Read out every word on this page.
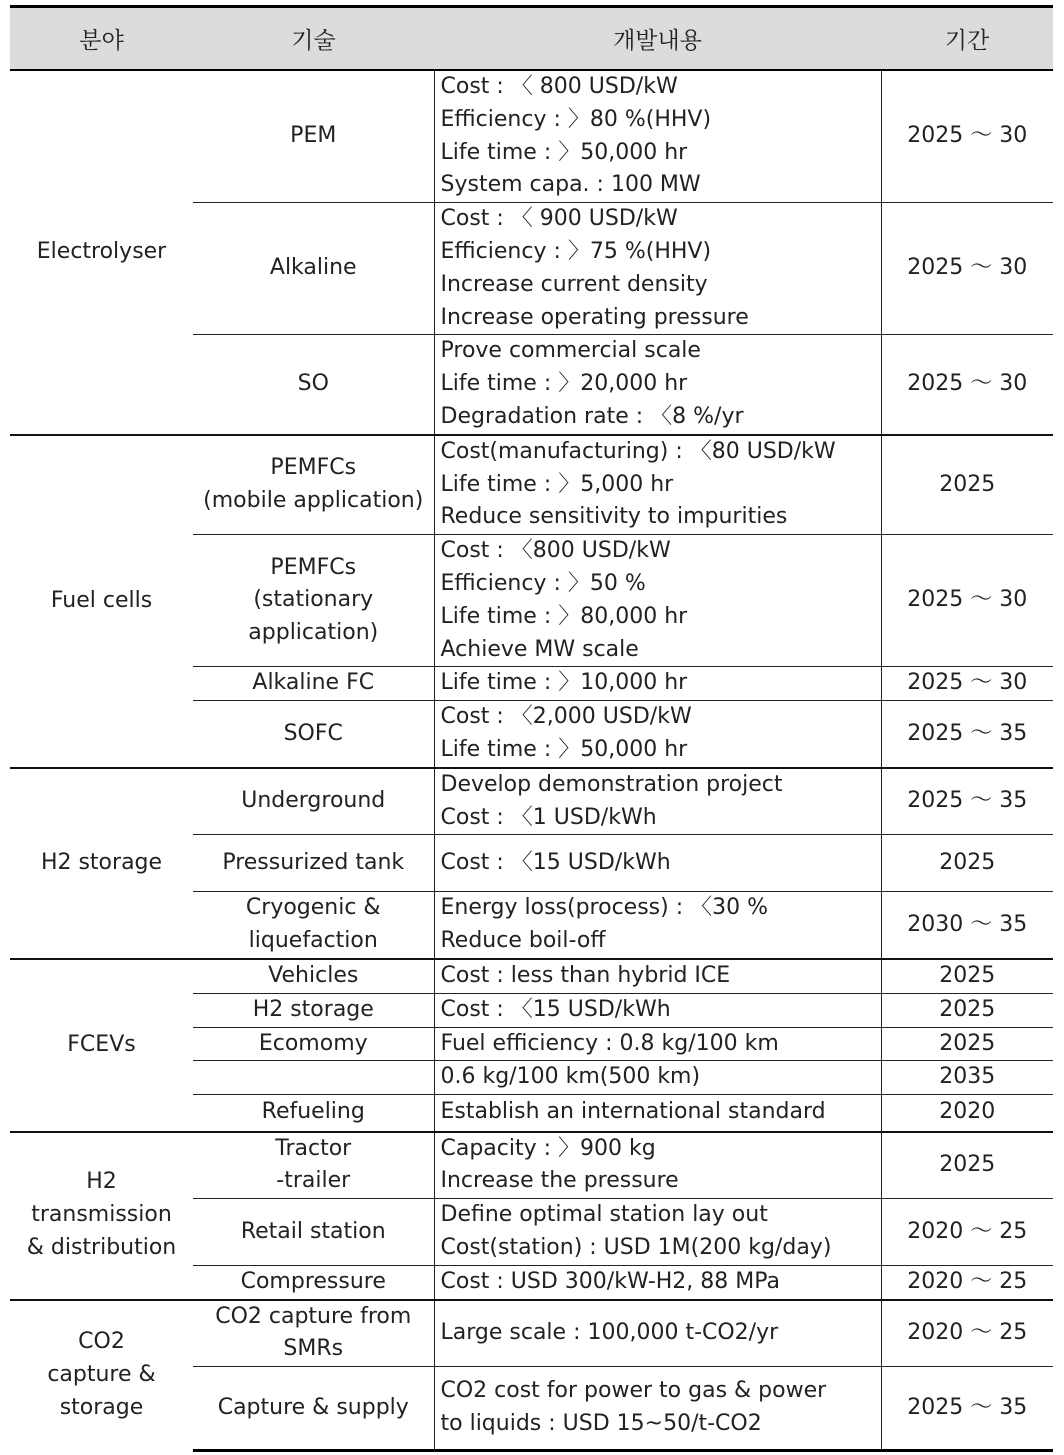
분야	기술	개발내용	기간

Electrolyser	PEM	Cost : 〈 800 USD/kW
Efficiency : 〉80 %(HHV)
Life time : 〉50,000 hr
System capa. : 100 MW	2025 ～ 30

	Alkaline	Cost : 〈 900 USD/kW
Efficiency : 〉75 %(HHV)
Increase current density
Increase operating pressure	2025 ～ 30

	SO	Prove commercial scale
Life time : 〉20,000 hr
Degradation rate : 〈8 %/yr	2025 ～ 30

Fuel cells	PEMFCs
(mobile application)	Cost(manufacturing) : 〈80 USD/kW
Life time : 〉5,000 hr
Reduce sensitivity to impurities	2025

	PEMFCs
(stationary
application)	Cost : 〈800 USD/kW
Efficiency : 〉50 %
Life time : 〉80,000 hr
Achieve MW scale	2025 ～ 30

	Alkaline FC	Life time : 〉10,000 hr	2025 ～ 30

	SOFC	Cost : 〈2,000 USD/kW
Life time : 〉50,000 hr	2025 ～ 35

H2 storage	Underground	Develop demonstration project
Cost : 〈1 USD/kWh	2025 ～ 35

	Pressurized tank	Cost : 〈15 USD/kWh	2025

	Cryogenic &
liquefaction	Energy loss(process) : 〈30 %
Reduce boil-off	2030 ～ 35

FCEVs	Vehicles	Cost : less than hybrid ICE	2025

	H2 storage	Cost : 〈15 USD/kWh	2025

	Ecomomy	Fuel efficiency : 0.8 kg/100 km	2025

		0.6 kg/100 km(500 km)	2035

	Refueling	Establish an international standard	2020

H2
transmission
& distribution	Tractor
-trailer	Capacity : 〉900 kg
Increase the pressure	2025

	Retail station	Define optimal station lay out
Cost(station) : USD 1M(200 kg/day)	2020 ～ 25

	Compressure	Cost : USD 300/kW-H2, 88 MPa	2020 ～ 25

CO2
capture &
storage	CO2 capture from
SMRs	Large scale : 100,000 t-CO2/yr	2020 ～ 25

	Capture & supply	CO2 cost for power to gas & power
to liquids : USD 15~50/t-CO2	2025 ～ 35
